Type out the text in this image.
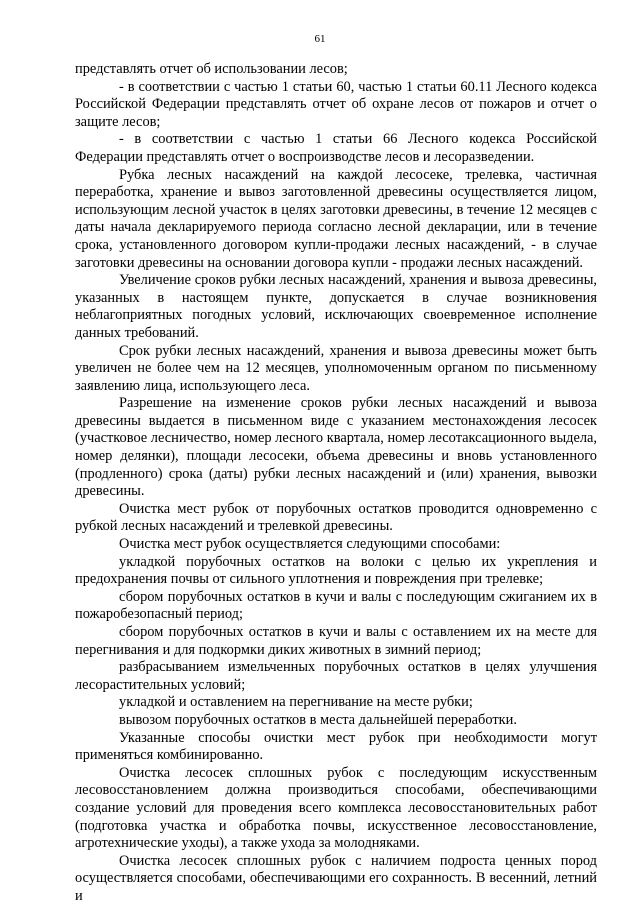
61

представлять отчет об использовании лесов;

- в соответствии с частью 1 статьи 60, частью 1 статьи 60.11 Лесного кодекса Российской Федерации представлять отчет об охране лесов от пожаров и отчет о защите лесов;

- в соответствии с частью 1 статьи 66 Лесного кодекса Российской Федерации представлять отчет о воспроизводстве лесов и лесоразведении.

Рубка лесных насаждений на каждой лесосеке, трелевка, частичная переработка, хранение и вывоз заготовленной древесины осуществляется лицом, использующим лесной участок в целях заготовки древесины, в течение 12 месяцев с даты начала декларируемого периода согласно лесной декларации, или в течение срока, установленного договором купли-продажи лесных насаждений, - в случае заготовки древесины на основании договора купли - продажи лесных насаждений.

Увеличение сроков рубки лесных насаждений, хранения и вывоза древесины, указанных в настоящем пункте, допускается в случае возникновения неблагоприятных погодных условий, исключающих своевременное исполнение данных требований.

Срок рубки лесных насаждений, хранения и вывоза древесины может быть увеличен не более чем на 12 месяцев, уполномоченным органом по письменному заявлению лица, использующего леса.

Разрешение на изменение сроков рубки лесных насаждений и вывоза древесины выдается в письменном виде с указанием местонахождения лесосек (участковое лесничество, номер лесного квартала, номер лесотаксационного выдела, номер делянки), площади лесосеки, объема древесины и вновь установленного (продленного) срока (даты) рубки лесных насаждений и (или) хранения, вывозки древесины.

Очистка мест рубок от порубочных остатков проводится одновременно с рубкой лесных насаждений и трелевкой древесины.

Очистка мест рубок осуществляется следующими способами:

укладкой порубочных остатков на волоки с целью их укрепления и предохранения почвы от сильного уплотнения и повреждения при трелевке;

сбором порубочных остатков в кучи и валы с последующим сжиганием их в пожаробезопасный период;

сбором порубочных остатков в кучи и валы с оставлением их на месте для перегнивания и для подкормки диких животных в зимний период;

разбрасыванием измельченных порубочных остатков в целях улучшения лесорастительных условий;

укладкой и оставлением на перегнивание на месте рубки;

вывозом порубочных остатков в места дальнейшей переработки.

Указанные способы очистки мест рубок при необходимости могут применяться комбинированно.

Очистка лесосек сплошных рубок с последующим искусственным лесовосстановлением должна производиться способами, обеспечивающими создание условий для проведения всего комплекса лесовосстановительных работ (подготовка участка и обработка почвы, искусственное лесовосстановление, агротехнические уходы), а также ухода за молодняками.

Очистка лесосек сплошных рубок с наличием подроста ценных пород осуществляется способами, обеспечивающими его сохранность. В весенний, летний и
